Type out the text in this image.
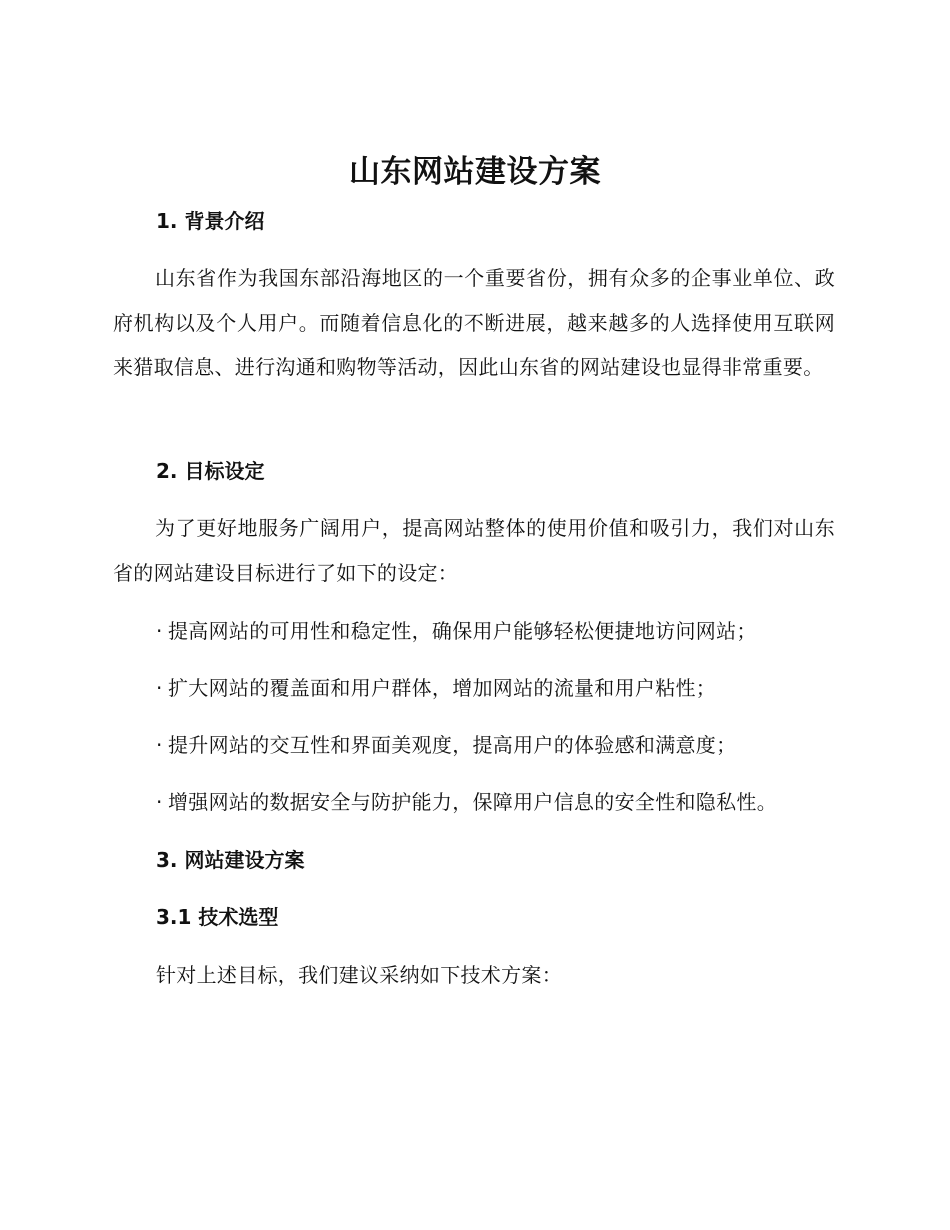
山东网站建设方案
1. 背景介绍
山东省作为我国东部沿海地区的一个重要省份，拥有众多的企事业单位、政府机构以及个人用户。而随着信息化的不断进展，越来越多的人选择使用互联网来猎取信息、进行沟通和购物等活动，因此山东省的网站建设也显得非常重要。
2. 目标设定
为了更好地服务广阔用户，提高网站整体的使用价值和吸引力，我们对山东省的网站建设目标进行了如下的设定：
· 提高网站的可用性和稳定性，确保用户能够轻松便捷地访问网站；
· 扩大网站的覆盖面和用户群体，增加网站的流量和用户粘性；
· 提升网站的交互性和界面美观度，提高用户的体验感和满意度；
· 增强网站的数据安全与防护能力，保障用户信息的安全性和隐私性。
3. 网站建设方案
3.1 技术选型
针对上述目标，我们建议采纳如下技术方案：
